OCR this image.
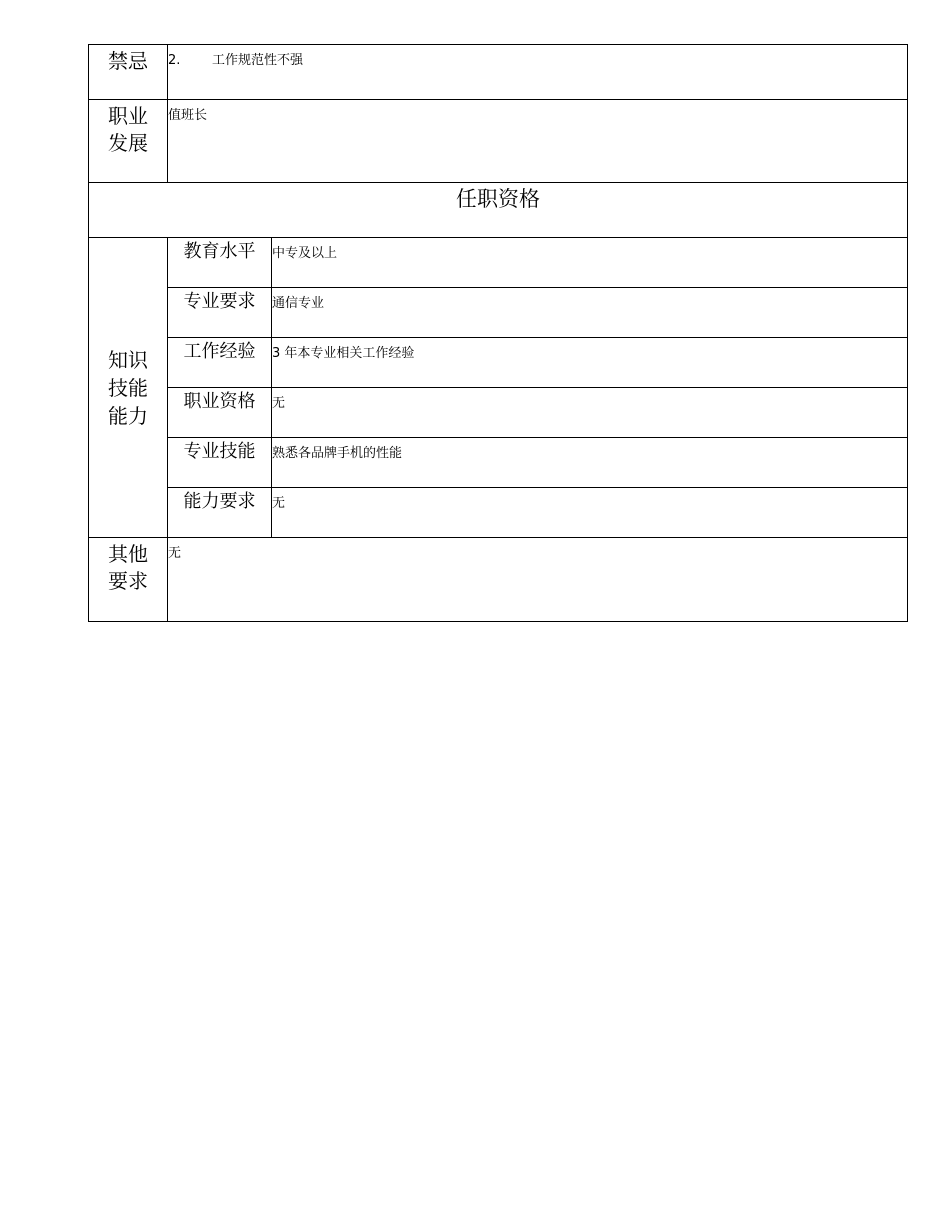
禁忌	2. 工作规范性不强	

职业
发展	值班长	
任职资格		

知识
技能
能力	教育水平	中专及以上
	专业要求	通信专业
	工作经验	3 年本专业相关工作经验
	职业资格	无
	专业技能	熟悉各品牌手机的性能
	能力要求	无

其他
要求	无	
